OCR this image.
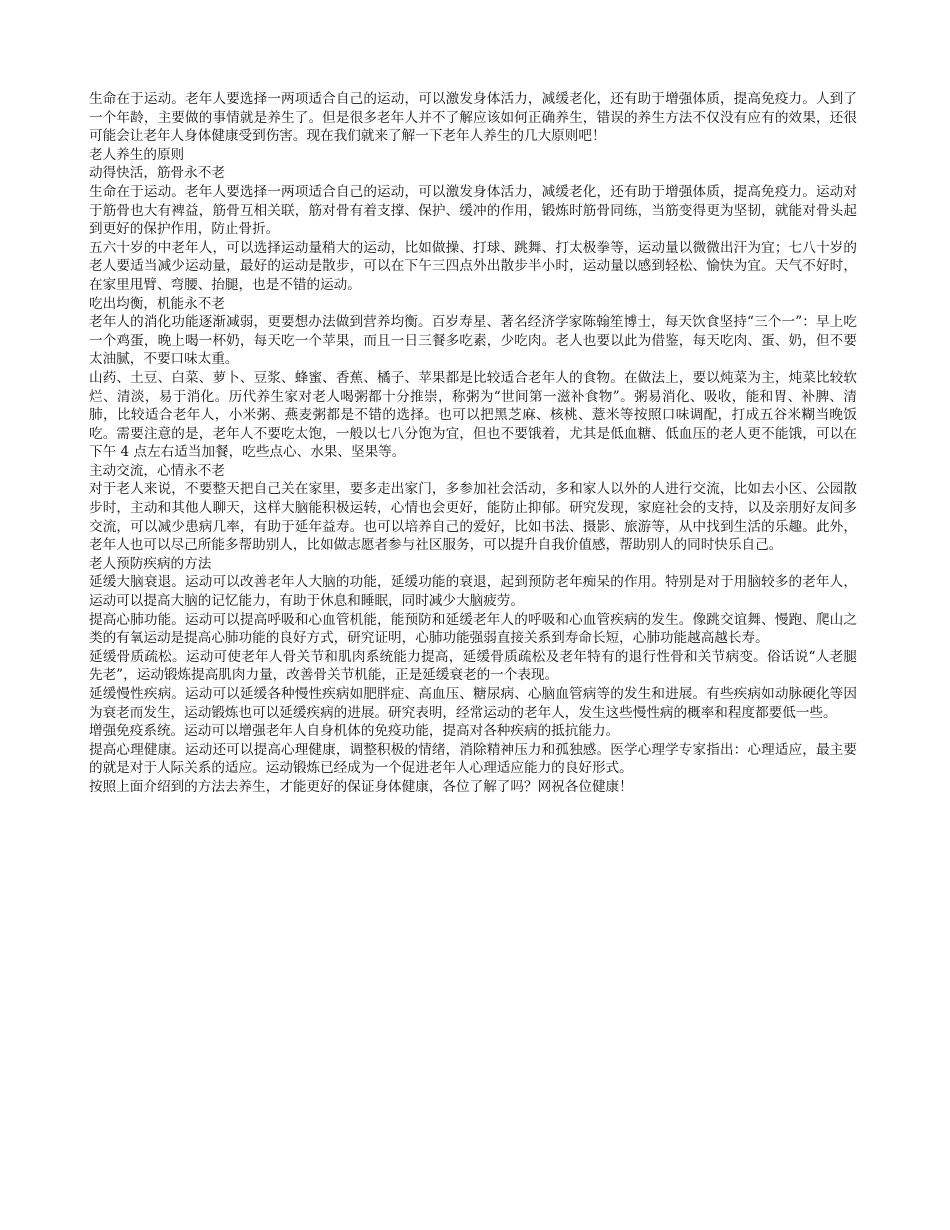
生命在于运动。老年人要选择一两项适合自己的运动，可以激发身体活力，减缓老化，还有助于增强体质，提高免疫力。人到了一个年龄，主要做的事情就是养生了。但是很多老年人并不了解应该如何正确养生，错误的养生方法不仅没有应有的效果，还很可能会让老年人身体健康受到伤害。现在我们就来了解一下老年人养生的几大原则吧！

老人养生的原则

动得快活，筋骨永不老

生命在于运动。老年人要选择一两项适合自己的运动，可以激发身体活力，减缓老化，还有助于增强体质，提高免疫力。运动对于筋骨也大有裨益，筋骨互相关联，筋对骨有着支撑、保护、缓冲的作用，锻炼时筋骨同练，当筋变得更为坚韧，就能对骨头起到更好的保护作用，防止骨折。

五六十岁的中老年人，可以选择运动量稍大的运动，比如做操、打球、跳舞、打太极拳等，运动量以微微出汗为宜；七八十岁的老人要适当减少运动量，最好的运动是散步，可以在下午三四点外出散步半小时，运动量以感到轻松、愉快为宜。天气不好时，在家里甩臂、弯腰、抬腿，也是不错的运动。

吃出均衡，机能永不老

老年人的消化功能逐渐减弱，更要想办法做到营养均衡。百岁寿星、著名经济学家陈翰笙博士，每天饮食坚持“三个一”：早上吃一个鸡蛋，晚上喝一杯奶，每天吃一个苹果，而且一日三餐多吃素，少吃肉。老人也要以此为借鉴，每天吃肉、蛋、奶，但不要太油腻，不要口味太重。

山药、土豆、白菜、萝卜、豆浆、蜂蜜、香蕉、橘子、苹果都是比较适合老年人的食物。在做法上，要以炖菜为主，炖菜比较软烂、清淡，易于消化。历代养生家对老人喝粥都十分推崇，称粥为“世间第一滋补食物”。粥易消化、吸收，能和胃、补脾、清肺，比较适合老年人，小米粥、燕麦粥都是不错的选择。也可以把黑芝麻、核桃、薏米等按照口味调配，打成五谷米糊当晚饭吃。需要注意的是，老年人不要吃太饱，一般以七八分饱为宜，但也不要饿着，尤其是低血糖、低血压的老人更不能饿，可以在下午 4 点左右适当加餐，吃些点心、水果、坚果等。

主动交流，心情永不老

对于老人来说，不要整天把自己关在家里，要多走出家门，多参加社会活动，多和家人以外的人进行交流，比如去小区、公园散步时，主动和其他人聊天，这样大脑能积极运转，心情也会更好，能防止抑郁。研究发现，家庭社会的支持，以及亲朋好友间多交流，可以减少患病几率，有助于延年益寿。也可以培养自己的爱好，比如书法、摄影、旅游等，从中找到生活的乐趣。此外，老年人也可以尽己所能多帮助别人，比如做志愿者参与社区服务，可以提升自我价值感，帮助别人的同时快乐自己。

老人预防疾病的方法

延缓大脑衰退。运动可以改善老年人大脑的功能，延缓功能的衰退，起到预防老年痴呆的作用。特别是对于用脑较多的老年人，运动可以提高大脑的记忆能力，有助于休息和睡眠，同时减少大脑疲劳。

提高心肺功能。运动可以提高呼吸和心血管机能，能预防和延缓老年人的呼吸和心血管疾病的发生。像跳交谊舞、慢跑、爬山之类的有氧运动是提高心肺功能的良好方式，研究证明，心肺功能强弱直接关系到寿命长短，心肺功能越高越长寿。

延缓骨质疏松。运动可使老年人骨关节和肌肉系统能力提高，延缓骨质疏松及老年特有的退行性骨和关节病变。俗话说“人老腿先老”，运动锻炼提高肌肉力量，改善骨关节机能，正是延缓衰老的一个表现。

延缓慢性疾病。运动可以延缓各种慢性疾病如肥胖症、高血压、糖尿病、心脑血管病等的发生和进展。有些疾病如动脉硬化等因为衰老而发生，运动锻炼也可以延缓疾病的进展。研究表明，经常运动的老年人，发生这些慢性病的概率和程度都要低一些。

增强免疫系统。运动可以增强老年人自身机体的免疫功能，提高对各种疾病的抵抗能力。

提高心理健康。运动还可以提高心理健康，调整积极的情绪，消除精神压力和孤独感。医学心理学专家指出：心理适应，最主要的就是对于人际关系的适应。运动锻炼已经成为一个促进老年人心理适应能力的良好形式。

按照上面介绍到的方法去养生，才能更好的保证身体健康，各位了解了吗？网祝各位健康！
